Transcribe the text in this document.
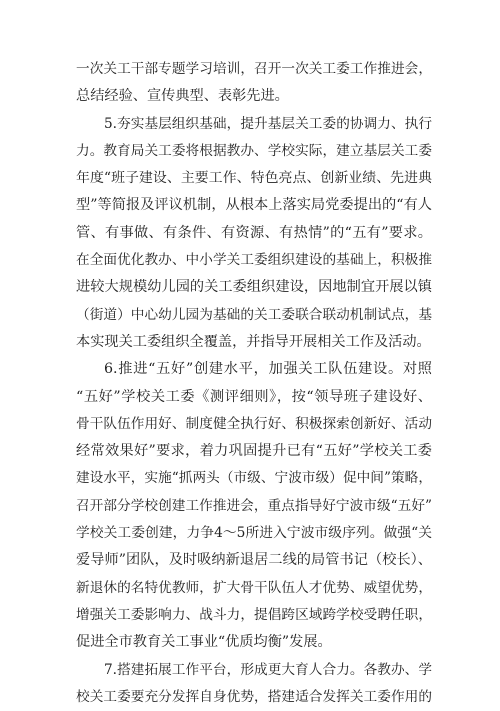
一次关工干部专题学习培训，召开一次关工委工作推进会，
总结经验、宣传典型、表彰先进。
5.夯实基层组织基础，提升基层关工委的协调力、执行
力。教育局关工委将根据教办、学校实际，建立基层关工委
年度“班子建设、主要工作、特色亮点、创新业绩、先进典
型”等简报及评议机制，从根本上落实局党委提出的“有人
管、有事做、有条件、有资源、有热情”的“五有”要求。
在全面优化教办、中小学关工委组织建设的基础上，积极推
进较大规模幼儿园的关工委组织建设，因地制宜开展以镇
（街道）中心幼儿园为基础的关工委联合联动机制试点，基
本实现关工委组织全覆盖，并指导开展相关工作及活动。
6.推进“五好”创建水平，加强关工队伍建设。对照
“五好”学校关工委《测评细则》，按“领导班子建设好、
骨干队伍作用好、制度健全执行好、积极探索创新好、活动
经常效果好”要求，着力巩固提升已有“五好”学校关工委
建设水平，实施“抓两头（市级、宁波市级）促中间”策略，
召开部分学校创建工作推进会，重点指导好宁波市级“五好”
学校关工委创建，力争4～5所进入宁波市级序列。做强“关
爱导师”团队，及时吸纳新退居二线的局管书记（校长）、
新退休的名特优教师，扩大骨干队伍人才优势、威望优势，
增强关工委影响力、战斗力，提倡跨区域跨学校受聘任职，
促进全市教育关工事业“优质均衡”发展。
7.搭建拓展工作平台，形成更大育人合力。各教办、学
校关工委要充分发挥自身优势，搭建适合发挥关工委作用的
